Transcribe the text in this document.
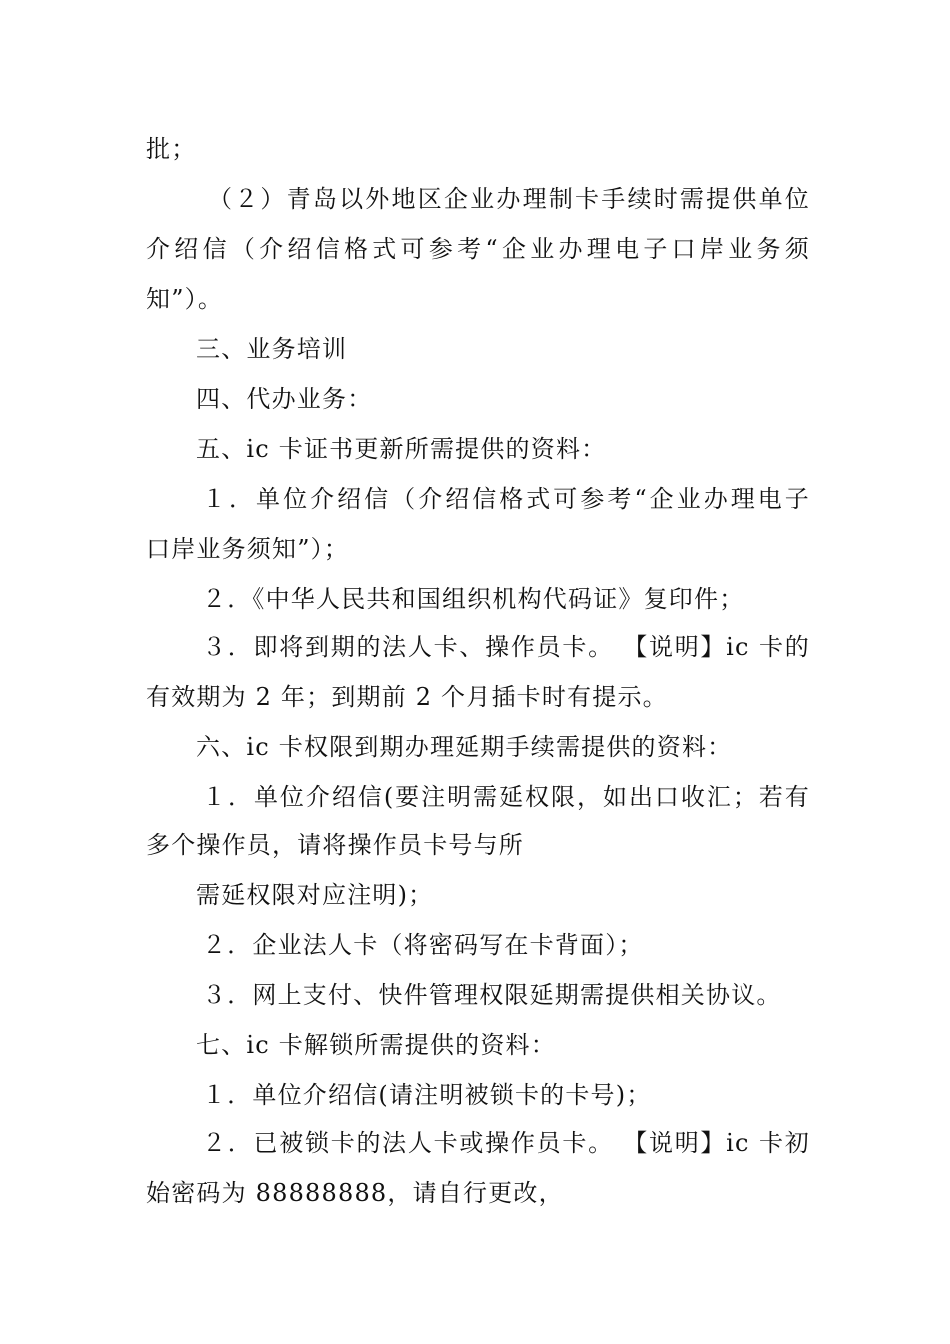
批；
（２）青岛以外地区企业办理制卡手续时需提供单位
介绍信（介绍信格式可参考“企业办理电子口岸业务须
知”）。
三、业务培训
四、代办业务：
五、ic 卡证书更新所需提供的资料：
１．单位介绍信（介绍信格式可参考“企业办理电子
口岸业务须知”）；
２．《中华人民共和国组织机构代码证》复印件；
３．即将到期的法人卡、操作员卡。 【说明】ic 卡的
有效期为 2 年；到期前 2 个月插卡时有提示。
六、ic 卡权限到期办理延期手续需提供的资料：
１．单位介绍信(要注明需延权限，如出口收汇；若有
多个操作员，请将操作员卡号与所
需延权限对应注明)；
２．企业法人卡（将密码写在卡背面）；
３．网上支付、快件管理权限延期需提供相关协议。
七、ic 卡解锁所需提供的资料：
１．单位介绍信(请注明被锁卡的卡号)；
２．已被锁卡的法人卡或操作员卡。 【说明】ic 卡初
始密码为 88888888，请自行更改，
